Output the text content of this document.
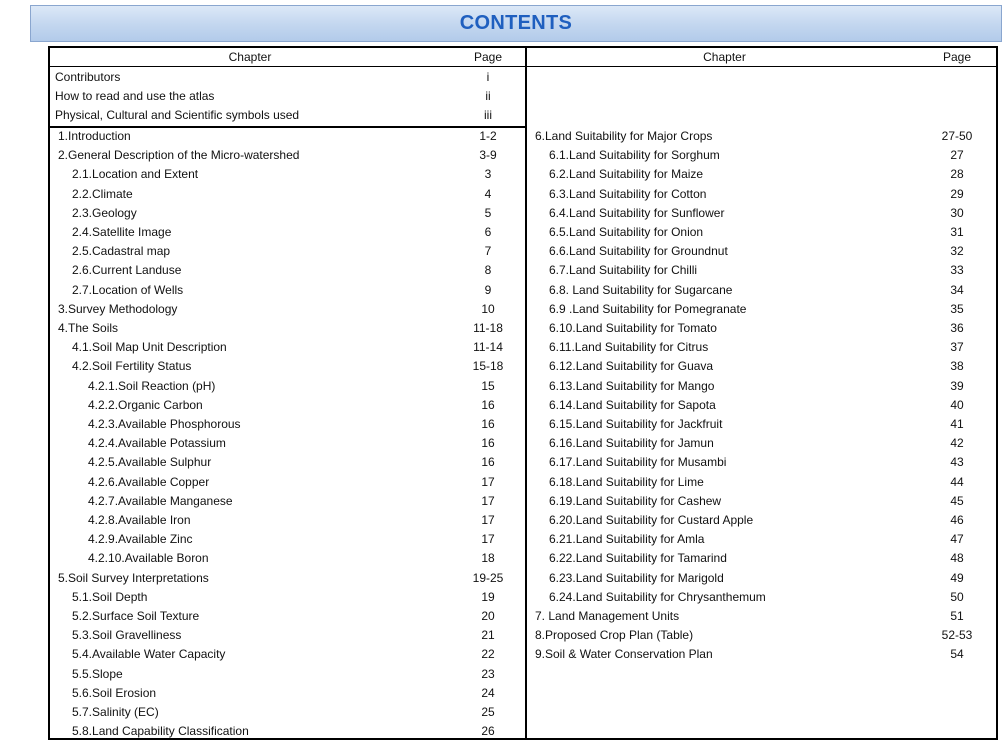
CONTENTS
Chapter	Page
Contributors	i
How to read and use the atlas	ii
Physical, Cultural and Scientific symbols used	iii
1.Introduction	1-2
2.General Description of the Micro-watershed	3-9
2.1.Location and Extent	3
2.2.Climate	4
2.3.Geology	5
2.4.Satellite Image	6
2.5.Cadastral map	7
2.6.Current Landuse	8
2.7.Location of Wells	9
3.Survey Methodology	10
4.The Soils	11-18
4.1.Soil Map Unit Description	11-14
4.2.Soil Fertility Status	15-18
4.2.1.Soil Reaction (pH)	15
4.2.2.Organic Carbon	16
4.2.3.Available Phosphorous	16
4.2.4.Available Potassium	16
4.2.5.Available Sulphur	16
4.2.6.Available Copper	17
4.2.7.Available Manganese	17
4.2.8.Available Iron	17
4.2.9.Available Zinc	17
4.2.10.Available Boron	18
5.Soil Survey Interpretations	19-25
5.1.Soil Depth	19
5.2.Surface Soil Texture	20
5.3.Soil Gravelliness	21
5.4.Available Water Capacity	22
5.5.Slope	23
5.6.Soil Erosion	24
5.7.Salinity (EC)	25
5.8.Land Capability Classification	26
Chapter	Page
6.Land Suitability for Major Crops	27-50
6.1.Land Suitability for Sorghum	27
6.2.Land Suitability for Maize	28
6.3.Land Suitability for Cotton	29
6.4.Land Suitability for Sunflower	30
6.5.Land Suitability for Onion	31
6.6.Land Suitability for Groundnut	32
6.7.Land Suitability for Chilli	33
6.8. Land Suitability for Sugarcane	34
6.9 .Land Suitability for Pomegranate	35
6.10.Land Suitability for Tomato	36
6.11.Land Suitability for Citrus	37
6.12.Land Suitability for Guava	38
6.13.Land Suitability for Mango	39
6.14.Land Suitability for Sapota	40
6.15.Land Suitability for Jackfruit	41
6.16.Land Suitability for Jamun	42
6.17.Land Suitability for Musambi	43
6.18.Land Suitability for Lime	44
6.19.Land Suitability for Cashew	45
6.20.Land Suitability for Custard Apple	46
6.21.Land Suitability for Amla	47
6.22.Land Suitability for Tamarind	48
6.23.Land Suitability for Marigold	49
6.24.Land Suitability for Chrysanthemum	50
7. Land Management Units	51
8.Proposed Crop Plan (Table)	52-53
9.Soil & Water Conservation Plan	54
